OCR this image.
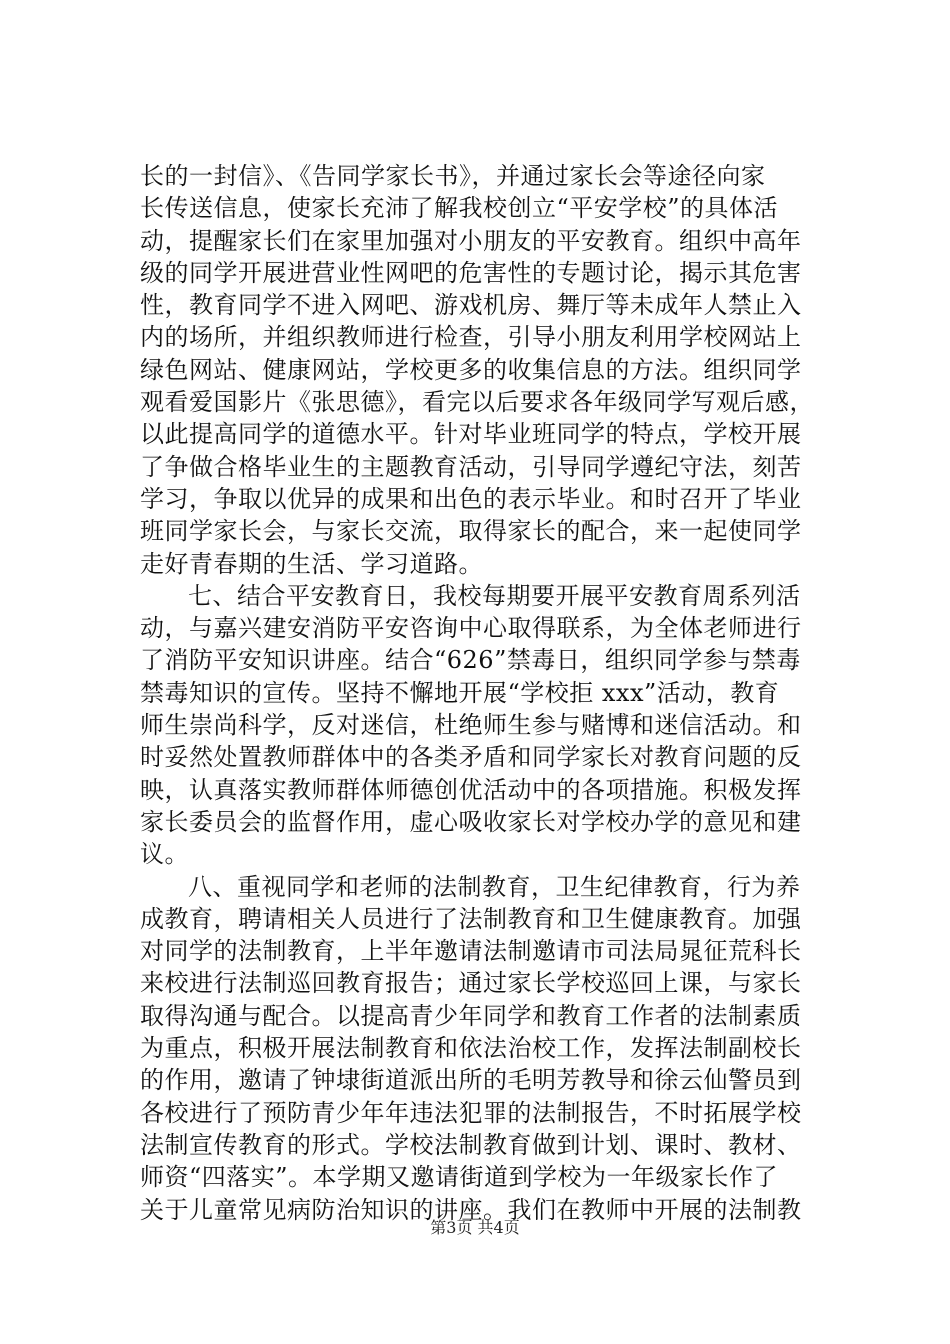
长的一封信》、《告同学家长书》，并通过家长会等途径向家
长传送信息，使家长充沛了解我校创立“平安学校”的具体活
动，提醒家长们在家里加强对小朋友的平安教育。组织中高年
级的同学开展进营业性网吧的危害性的专题讨论，揭示其危害
性，教育同学不进入网吧、游戏机房、舞厅等未成年人禁止入
内的场所，并组织教师进行检查，引导小朋友利用学校网站上
绿色网站、健康网站，学校更多的收集信息的方法。组织同学
观看爱国影片《张思德》，看完以后要求各年级同学写观后感，
以此提高同学的道德水平。针对毕业班同学的特点，学校开展
了争做合格毕业生的主题教育活动，引导同学遵纪守法，刻苦
学习，争取以优异的成果和出色的表示毕业。和时召开了毕业
班同学家长会，与家长交流，取得家长的配合，来一起使同学
走好青春期的生活、学习道路。
七、结合平安教育日，我校每期要开展平安教育周系列活
动，与嘉兴建安消防平安咨询中心取得联系，为全体老师进行
了消防平安知识讲座。结合“626”禁毒日，组织同学参与禁毒
禁毒知识的宣传。坚持不懈地开展“学校拒 xxx”活动，教育
师生崇尚科学，反对迷信，杜绝师生参与赌博和迷信活动。和
时妥然处置教师群体中的各类矛盾和同学家长对教育问题的反
映，认真落实教师群体师德创优活动中的各项措施。积极发挥
家长委员会的监督作用，虚心吸收家长对学校办学的意见和建
议。
八、重视同学和老师的法制教育，卫生纪律教育，行为养
成教育，聘请相关人员进行了法制教育和卫生健康教育。加强
对同学的法制教育，上半年邀请法制邀请市司法局晁征荒科长
来校进行法制巡回教育报告；通过家长学校巡回上课，与家长
取得沟通与配合。以提高青少年同学和教育工作者的法制素质
为重点，积极开展法制教育和依法治校工作，发挥法制副校长
的作用，邀请了钟埭街道派出所的毛明芳教导和徐云仙警员到
各校进行了预防青少年年违法犯罪的法制报告，不时拓展学校
法制宣传教育的形式。学校法制教育做到计划、课时、教材、
师资“四落实”。本学期又邀请街道到学校为一年级家长作了
关于儿童常见病防治知识的讲座。我们在教师中开展的法制教
第3页 共4页
